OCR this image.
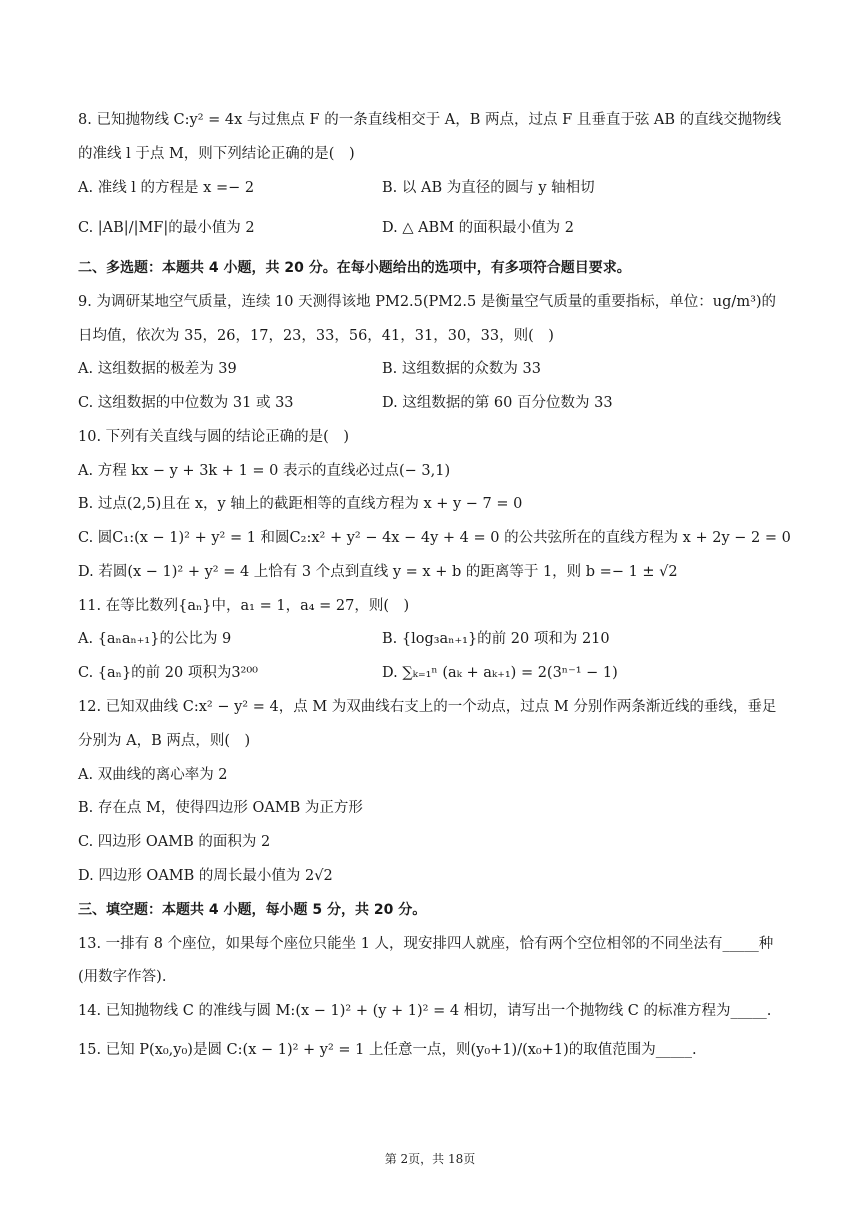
8. 已知抛物线 C:y² = 4x 与过焦点 F 的一条直线相交于 A，B 两点，过点 F 且垂直于弦 AB 的直线交抛物线
的准线 l 于点 M，则下列结论正确的是(　)
A. 准线 l 的方程是 x =− 2	B. 以 AB 为直径的圆与 y 轴相切
C. |AB|/|MF|的最小值为 2	D. △ ABM 的面积最小值为 2
二、多选题：本题共 4 小题，共 20 分。在每小题给出的选项中，有多项符合题目要求。
9. 为调研某地空气质量，连续 10 天测得该地 PM2.5(PM2.5 是衡量空气质量的重要指标，单位：ug/m³)的
日均值，依次为 35，26，17，23，33，56，41，31，30，33，则(　)
A. 这组数据的极差为 39	B. 这组数据的众数为 33
C. 这组数据的中位数为 31 或 33	D. 这组数据的第 60 百分位数为 33
10. 下列有关直线与圆的结论正确的是(　)
A. 方程 kx − y + 3k + 1 = 0 表示的直线必过点(− 3,1)
B. 过点(2,5)且在 x，y 轴上的截距相等的直线方程为 x + y − 7 = 0
C. 圆C₁:(x − 1)² + y² = 1 和圆C₂:x² + y² − 4x − 4y + 4 = 0 的公共弦所在的直线方程为 x + 2y − 2 = 0
D. 若圆(x − 1)² + y² = 4 上恰有 3 个点到直线 y = x + b 的距离等于 1，则 b =− 1 ± √2
11. 在等比数列{aₙ}中，a₁ = 1，a₄ = 27，则(　)
A. {aₙaₙ₊₁}的公比为 9	B. {log₃aₙ₊₁}的前 20 项和为 210
C. {aₙ}的前 20 项积为3²⁰⁰	D. ∑ₖ₌₁ⁿ (aₖ + aₖ₊₁) = 2(3ⁿ⁻¹ − 1)
12. 已知双曲线 C:x² − y² = 4，点 M 为双曲线右支上的一个动点，过点 M 分别作两条渐近线的垂线，垂足
分别为 A，B 两点，则(　)
A. 双曲线的离心率为 2
B. 存在点 M，使得四边形 OAMB 为正方形
C. 四边形 OAMB 的面积为 2
D. 四边形 OAMB 的周长最小值为 2√2
三、填空题：本题共 4 小题，每小题 5 分，共 20 分。
13. 一排有 8 个座位，如果每个座位只能坐 1 人，现安排四人就座，恰有两个空位相邻的不同坐法有_____种
(用数字作答).
14. 已知抛物线 C 的准线与圆 M:(x − 1)² + (y + 1)² = 4 相切，请写出一个抛物线 C 的标准方程为_____.
15. 已知 P(x₀,y₀)是圆 C:(x − 1)² + y² = 1 上任意一点，则(y₀+1)/(x₀+1)的取值范围为_____.
第 2页，共 18页
